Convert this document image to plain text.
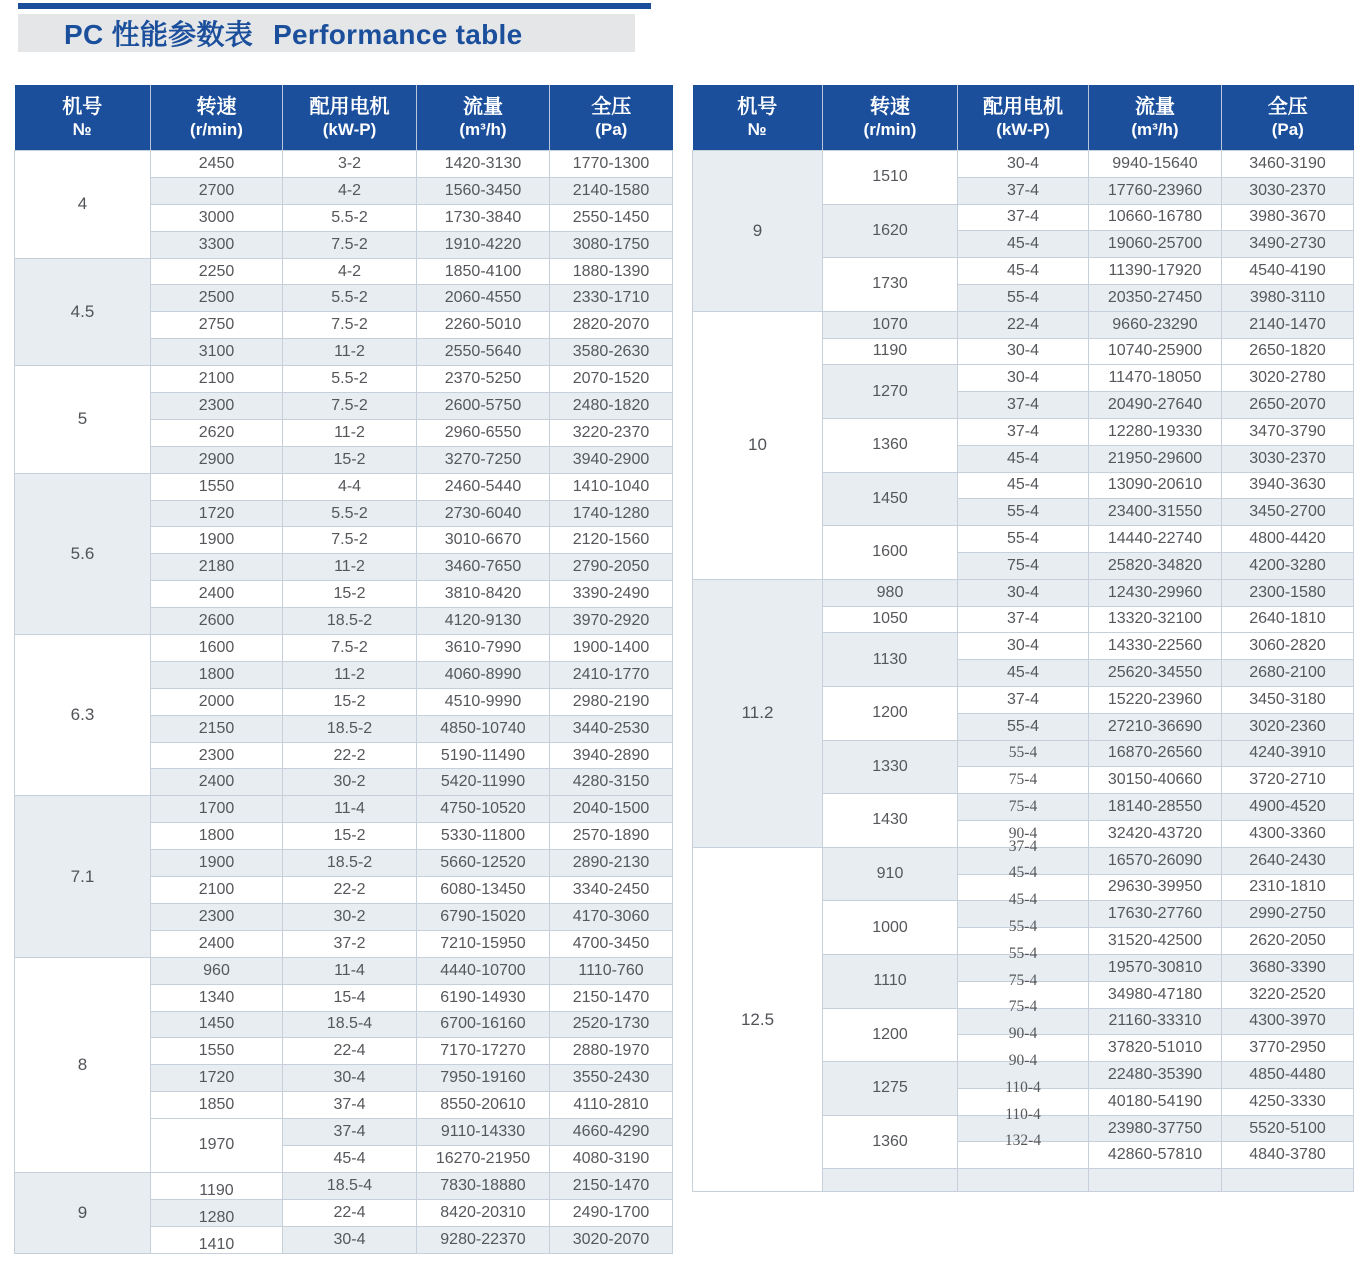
PC 性能参数表 Performance table
机号
№

转速
(r/min)

配用电机
(kW-P)

流量
(m³/h)

全压
(Pa)

4	2450	3-2	1420-3130	1770-1300
	2700	4-2	1560-3450	2140-1580
	3000	5.5-2	1730-3840	2550-1450
	3300	7.5-2	1910-4220	3080-1750
4.5	2250	4-2	1850-4100	1880-1390
	2500	5.5-2	2060-4550	2330-1710
	2750	7.5-2	2260-5010	2820-2070
	3100	11-2	2550-5640	3580-2630
5	2100	5.5-2	2370-5250	2070-1520
	2300	7.5-2	2600-5750	2480-1820
	2620	11-2	2960-6550	3220-2370
	2900	15-2	3270-7250	3940-2900
5.6	1550	4-4	2460-5440	1410-1040
	1720	5.5-2	2730-6040	1740-1280
	1900	7.5-2	3010-6670	2120-1560
	2180	11-2	3460-7650	2790-2050
	2400	15-2	3810-8420	3390-2490
	2600	18.5-2	4120-9130	3970-2920
6.3	1600	7.5-2	3610-7990	1900-1400
	1800	11-2	4060-8990	2410-1770
	2000	15-2	4510-9990	2980-2190
	2150	18.5-2	4850-10740	3440-2530
	2300	22-2	5190-11490	3940-2890
	2400	30-2	5420-11990	4280-3150
7.1	1700	11-4	4750-10520	2040-1500
	1800	15-2	5330-11800	2570-1890
	1900	18.5-2	5660-12520	2890-2130
	2100	22-2	6080-13450	3340-2450
	2300	30-2	6790-15020	4170-3060
	2400	37-2	7210-15950	4700-3450
8	960	11-4	4440-10700	1110-760
	1340	15-4	6190-14930	2150-1470
	1450	18.5-4	6700-16160	2520-1730
	1550	22-4	7170-17270	2880-1970
	1720	30-4	7950-19160	3550-2430
	1850	37-4	8550-20610	4110-2810
	1970	37-4	9110-14330	4660-4290
		45-4	16270-21950	4080-3190
9	1190	18.5-4	7830-18880	2150-1470
	1280	22-4	8420-20310	2490-1700
	1410	30-4	9280-22370	3020-2070
机号
№

转速
(r/min)

配用电机
(kW-P)

流量
(m³/h)

全压
(Pa)

9	1510	30-4	9940-15640	3460-3190
		37-4	17760-23960	3030-2370
	1620	37-4	10660-16780	3980-3670
		45-4	19060-25700	3490-2730
	1730	45-4	11390-17920	4540-4190
		55-4	20350-27450	3980-3110
10	1070	22-4	9660-23290	2140-1470
	1190	30-4	10740-25900	2650-1820
	1270	30-4	11470-18050	3020-2780
		37-4	20490-27640	2650-2070
	1360	37-4	12280-19330	3470-3790
		45-4	21950-29600	3030-2370
	1450	45-4	13090-20610	3940-3630
		55-4	23400-31550	3450-2700
	1600	55-4	14440-22740	4800-4420
		75-4	25820-34820	4200-3280
11.2	980	30-4	12430-29960	2300-1580
	1050	37-4	13320-32100	2640-1810
	1130	30-4	14330-22560	3060-2820
		45-4	25620-34550	2680-2100
	1200	37-4	15220-23960	3450-3180
		55-4	27210-36690	3020-2360
	1330	55-4	16870-26560	4240-3910
		75-4	30150-40660	3720-2710
	1430	75-4	18140-28550	4900-4520
		90-4	32420-43720	4300-3360
12.5	910	37-4	16570-26090	2640-2430
		45-4	29630-39950	2310-1810
	1000	45-4	17630-27760	2990-2750
		55-4	31520-42500	2620-2050
	1110	55-4	19570-30810	3680-3390
		75-4	34980-47180	3220-2520
	1200	75-4	21160-33310	4300-3970
		90-4	37820-51010	3770-2950
	1275	90-4	22480-35390	4850-4480
		110-4	40180-54190	4250-3330
	1360	110-4	23980-37750	5520-5100
		132-4	42860-57810	4840-3780
